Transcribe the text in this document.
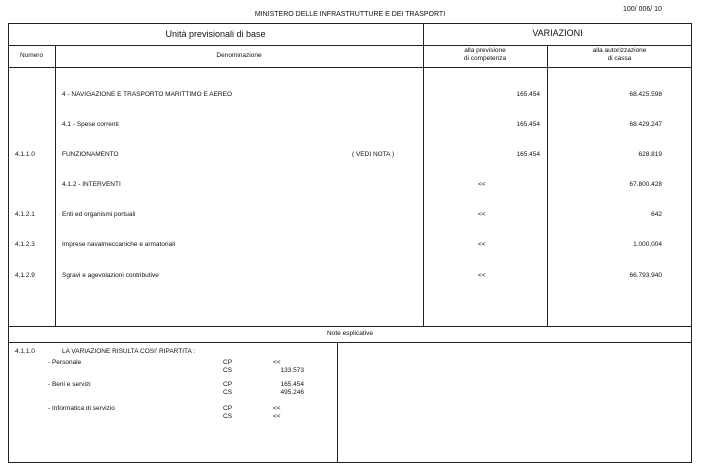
MINISTERO DELLE INFRASTRUTTURE E DEI TRASPORTI
100/ 006/ 10
Unità previsionali di base	VARIAZIONI
Numero	Denominazione
alla previsione
di competenza
alla autorizzazione
di cassa
4 - NAVIGAZIONE E TRASPORTO MARITTIMO E AEREO	165.454	68.425.598
4.1 - Spese correnti	165.454	68.429.247
4.1.1.0	FUNZIONAMENTO	( VEDI NOTA )	165.454	628.819
4.1.2 - INTERVENTI	<<	67.800.428
4.1.2.1	Enti ed organismi portuali	<<	642
4.1.2.3	Imprese navalmeccaniche e armatoriali	<<	1.000.004
4.1.2.9	Sgravi e agevolazioni contributive	<<	66.793.940
Note esplicative
4.1.1.0	LA VARIAZIONE RISULTA COSI' RIPARTITA :
- Personale	CP	<<
CS	133.573
- Beni e servizi	CP	165.454
CS	495.246
- Informatica di servizio	CP	<<
CS	<<
